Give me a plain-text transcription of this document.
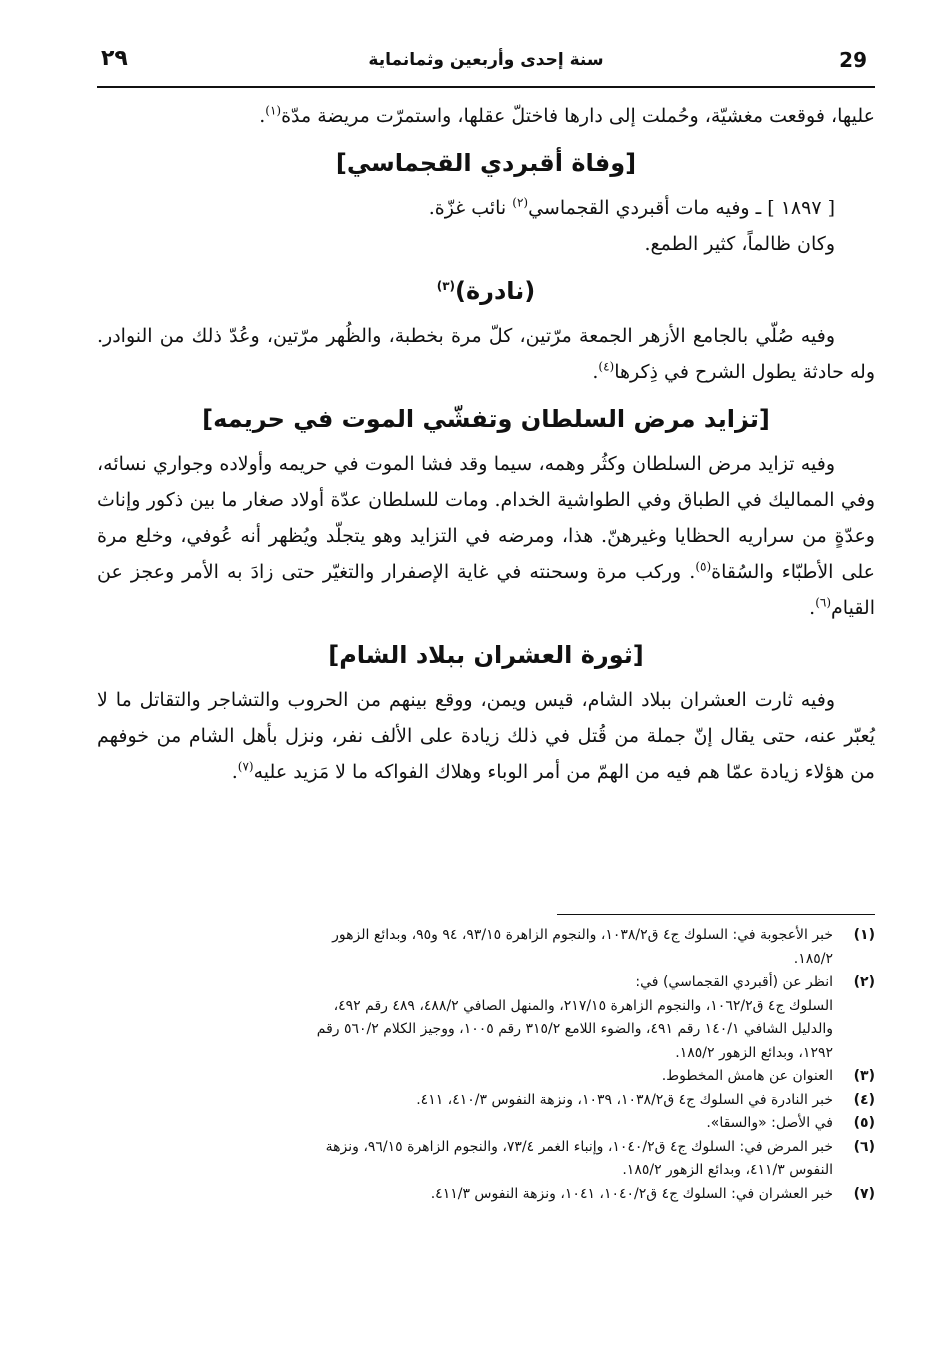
29
سنة إحدى وأربعين وثمانماية
٢٩

عليها، فوقعت مغشيّة، وحُملت إلى دارها فاختلّ عقلها، واستمرّت مريضة مدّة$^{(١)}$.

[وفاة أقبردي القجماسي]

[ ١٨٩٧ ] ـ وفيه مات أقبردي القجماسي$^{(٢)}$ نائب غزّة.

وكان ظالماً، كثير الطمع.

(نادرة)$^{(٣)}$

وفيه صُلّي بالجامع الأزهر الجمعة مرّتين، كلّ مرة بخطبة، والظُهر مرّتين، وعُدّ ذلك من النوادر. وله حادثة يطول الشرح في ذِكرها$^{(٤)}$.

[تزايد مرض السلطان وتفشّي الموت في حريمه]

وفيه تزايد مرض السلطان وكثُر وهمه، سيما وقد فشا الموت في حريمه وأولاده وجواري نسائه، وفي المماليك في الطباق وفي الطواشية الخدام. ومات للسلطان عدّة أولاد صغار ما بين ذكور وإناث وعدّةٍ من سراريه الحظايا وغيرهنّ. هذا، ومرضه في التزايد وهو يتجلّد ويُظهر أنه عُوفي، وخلع مرة على الأطبّاء والسُقاة$^{(٥)}$. وركب مرة وسحنته في غاية الإصفرار والتغيّر حتى زادَ به الأمر وعجز عن القيام$^{(٦)}$.

[ثورة العشران ببلاد الشام]

وفيه ثارت العشران ببلاد الشام، قيس ويمن، ووقع بينهم من الحروب والتشاجر والتقاتل ما لا يُعبّر عنه، حتى يقال إنّ جملة من قُتل في ذلك زيادة على الألف نفر، ونزل بأهل الشام من خوفهم من هؤلاء زيادة عمّا هم فيه من الهمّ من أمر الوباء وهلاك الفواكه ما لا مَزيد عليه$^{(٧)}$.

(١)
خبر الأعجوبة في: السلوك ج٤ ق١٠٣٨/٢، والنجوم الزاهرة ٩٣/١٥، ٩٤ و٩٥، وبدائع الزهور
١٨٥/٢.
(٢)
انظر عن (أقبردي القجماسي) في:
السلوك ج٤ ق١٠٦٢/٢، والنجوم الزاهرة ٢١٧/١٥، والمنهل الصافي ٤٨٨/٢، ٤٨٩ رقم ٤٩٢،
والدليل الشافي ١٤٠/١ رقم ٤٩١، والضوء اللامع ٣١٥/٢ رقم ١٠٠٥، ووجيز الكلام ٥٦٠/٢ رقم
١٢٩٢، وبدائع الزهور ١٨٥/٢.
(٣)
العنوان عن هامش المخطوط.
(٤)
خبر النادرة في السلوك ج٤ ق١٠٣٨/٢، ١٠٣٩، ونزهة النفوس ٤١٠/٣، ٤١١.
(٥)
في الأصل: «والسقا».
(٦)
خبر المرض في: السلوك ج٤ ق١٠٤٠/٢، وإنباء الغمر ٧٣/٤، والنجوم الزاهرة ٩٦/١٥، ونزهة
النفوس ٤١١/٣، وبدائع الزهور ١٨٥/٢.
(٧)
خبر العشران في: السلوك ج٤ ق١٠٤٠/٢، ١٠٤١، ونزهة النفوس ٤١١/٣.
